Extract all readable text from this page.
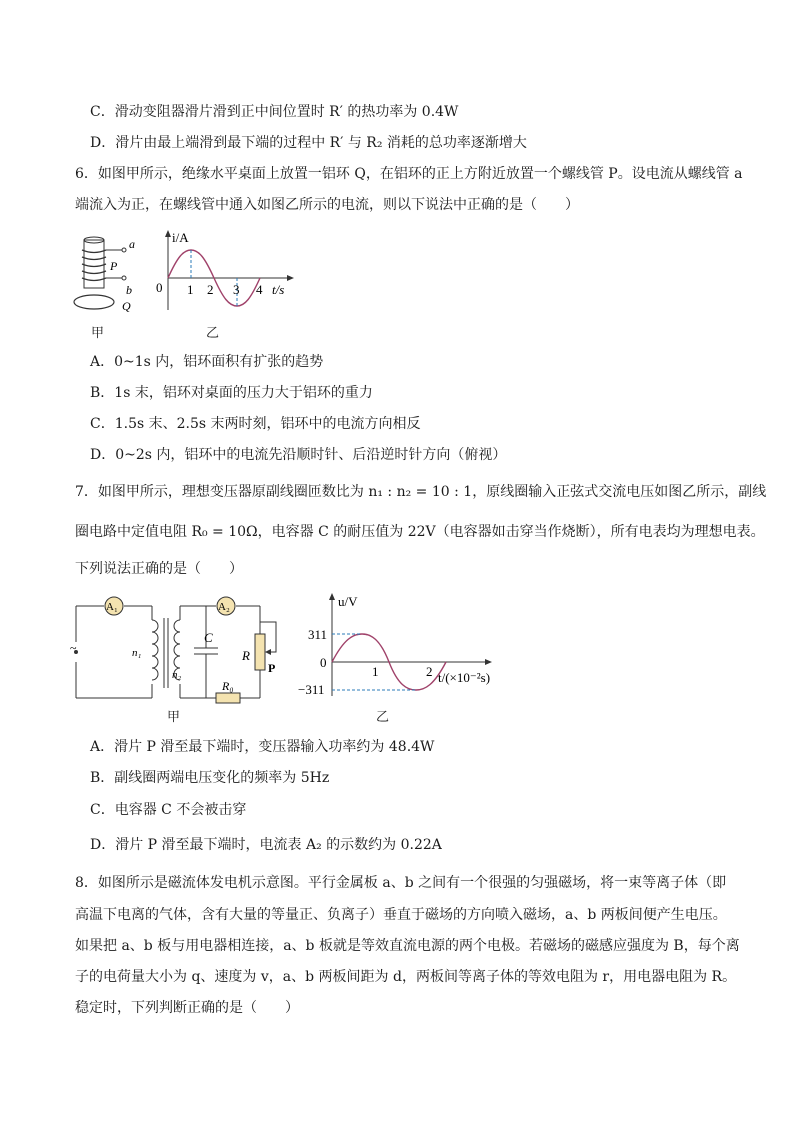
C．滑动变阻器滑片滑到正中间位置时 R′ 的热功率为 0.4W
D．滑片由最上端滑到最下端的过程中 R′ 与 R₂ 消耗的总功率逐渐增大
6．如图甲所示，绝缘水平桌面上放置一铝环 Q，在铝环的正上方附近放置一个螺线管 P。设电流从螺线管 a
端流入为正，在螺线管中通入如图乙所示的电流，则以下说法中正确的是（　　）
a
P
b
Q
甲
i/A
0 1 2 3 4 t/s
乙
A．0~1s 内，铝环面积有扩张的趋势
B．1s 末，铝环对桌面的压力大于铝环的重力
C．1.5s 末、2.5s 末两时刻，铝环中的电流方向相反
D．0~2s 内，铝环中的电流先沿顺时针、后沿逆时针方向（俯视）
7．如图甲所示，理想变压器原副线圈匝数比为 n₁ : n₂ = 10 : 1，原线圈输入正弦式交流电压如图乙所示，副线
圈电路中定值电阻 R₀ = 10Ω，电容器 C 的耐压值为 22V（电容器如击穿当作烧断），所有电表均为理想电表。
下列说法正确的是（　　）
A₁	A₂
~	n₁
n₂
C
R
P
R₀
甲
u/V
311
0
−311
1	2 t/(×10⁻²s)
乙
A．滑片 P 滑至最下端时，变压器输入功率约为 48.4W
B．副线圈两端电压变化的频率为 5Hz
C．电容器 C 不会被击穿
D．滑片 P 滑至最下端时，电流表 A₂ 的示数约为 0.22A
8．如图所示是磁流体发电机示意图。平行金属板 a、b 之间有一个很强的匀强磁场，将一束等离子体（即
高温下电离的气体，含有大量的等量正、负离子）垂直于磁场的方向喷入磁场，a、b 两板间便产生电压。
如果把 a、b 板与用电器相连接，a、b 板就是等效直流电源的两个电极。若磁场的磁感应强度为 B，每个离
子的电荷量大小为 q、速度为 v，a、b 两板间距为 d，两板间等离子体的等效电阻为 r，用电器电阻为 R。
稳定时，下列判断正确的是（　　）
